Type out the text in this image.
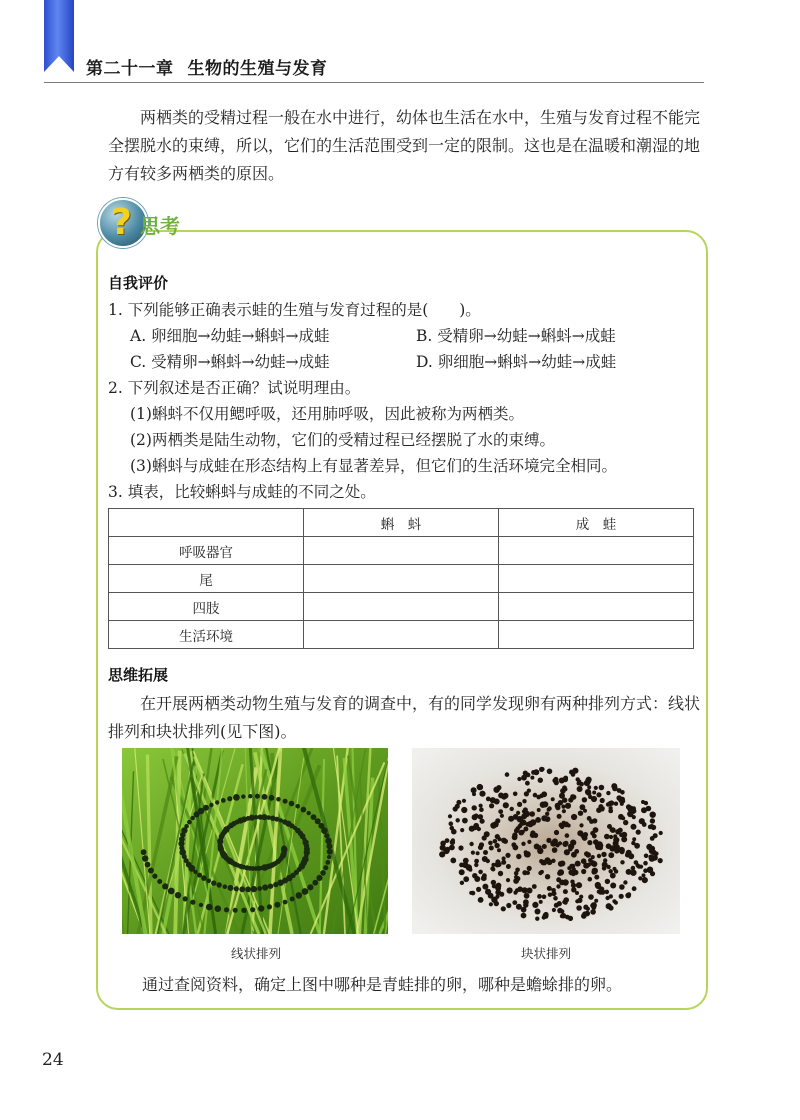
第二十一章 生物的生殖与发育

两栖类的受精过程一般在水中进行，幼体也生活在水中，生殖与发育过程不能完全摆脱水的束缚，所以，它们的生活范围受到一定的限制。这也是在温暖和潮湿的地方有较多两栖类的原因。

? 思考
自我评价
1. 下列能够正确表示蛙的生殖与发育过程的是(　　)。
A. 卵细胞→幼蛙→蝌蚪→成蛙	B. 受精卵→幼蛙→蝌蚪→成蛙
C. 受精卵→蝌蚪→幼蛙→成蛙	D. 卵细胞→蝌蚪→幼蛙→成蛙
2. 下列叙述是否正确？试说明理由。
(1)蝌蚪不仅用鳃呼吸，还用肺呼吸，因此被称为两栖类。
(2)两栖类是陆生动物，它们的受精过程已经摆脱了水的束缚。
(3)蝌蚪与成蛙在形态结构上有显著差异，但它们的生活环境完全相同。
3. 填表，比较蝌蚪与成蛙的不同之处。
	蝌　蚪	成　蛙
呼吸器官		
尾		
四肢		
生活环境		
思维拓展

在开展两栖类动物生殖与发育的调查中，有的同学发现卵有两种排列方式：线状排列和块状排列(见下图)。

线状排列	块状排列
通过查阅资料，确定上图中哪种是青蛙排的卵，哪种是蟾蜍排的卵。
24
